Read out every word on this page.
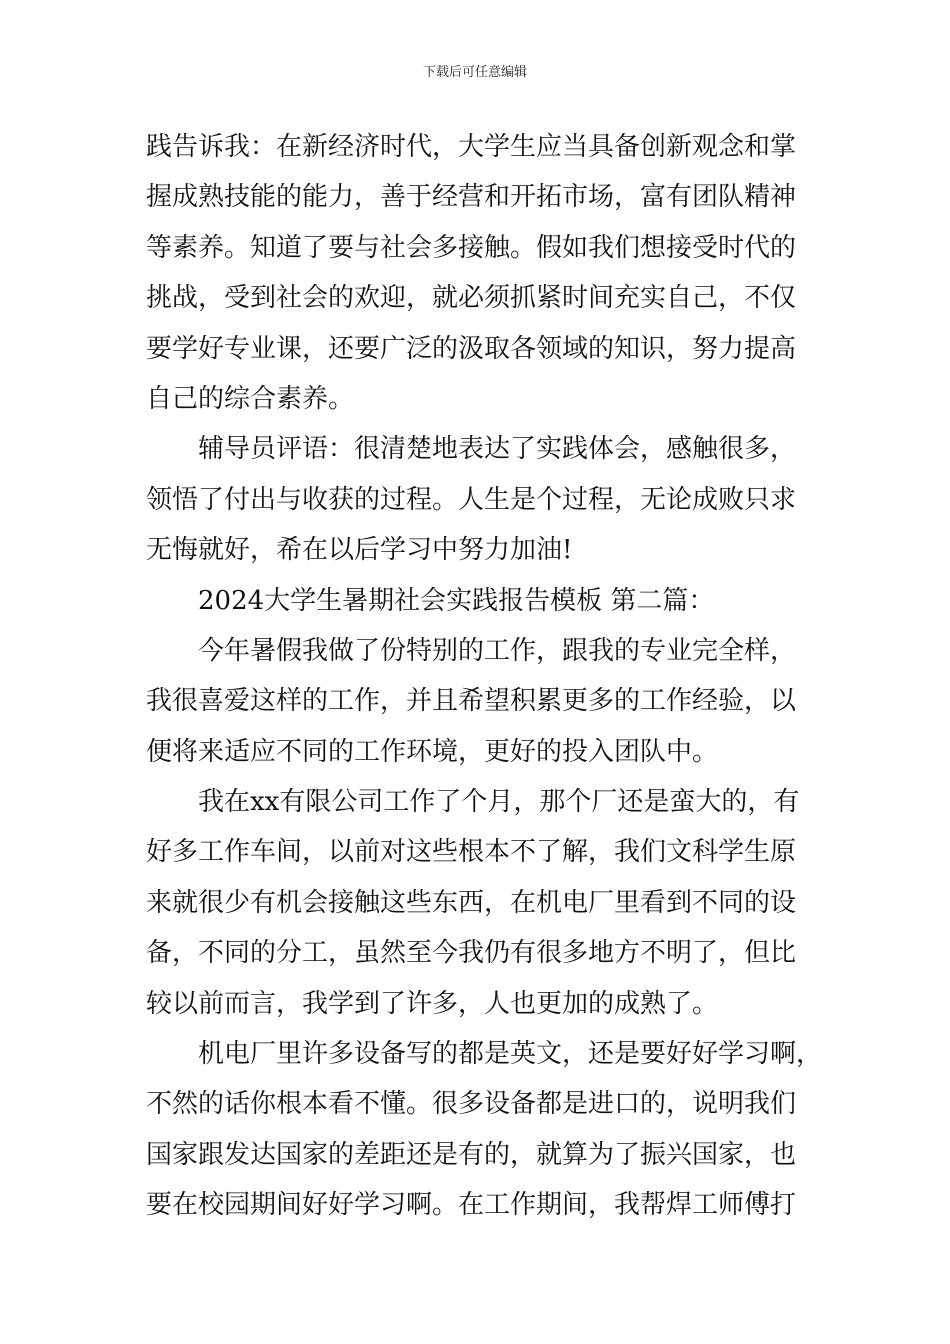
下载后可任意编辑
践告诉我：在新经济时代，大学生应当具备创新观念和掌
握成熟技能的能力，善于经营和开拓市场，富有团队精神
等素养。知道了要与社会多接触。假如我们想接受时代的
挑战，受到社会的欢迎，就必须抓紧时间充实自己，不仅
要学好专业课，还要广泛的汲取各领域的知识，努力提高
自己的综合素养。
辅导员评语：很清楚地表达了实践体会，感触很多，
领悟了付出与收获的过程。人生是个过程，无论成败只求
无悔就好，希在以后学习中努力加油!
2024大学生暑期社会实践报告模板 第二篇：
今年暑假我做了份特别的工作，跟我的专业完全样，
我很喜爱这样的工作，并且希望积累更多的工作经验，以
便将来适应不同的工作环境，更好的投入团队中。
我在xx有限公司工作了个月，那个厂还是蛮大的，有
好多工作车间，以前对这些根本不了解，我们文科学生原
来就很少有机会接触这些东西，在机电厂里看到不同的设
备，不同的分工，虽然至今我仍有很多地方不明了，但比
较以前而言，我学到了许多，人也更加的成熟了。
机电厂里许多设备写的都是英文，还是要好好学习啊，
不然的话你根本看不懂。很多设备都是进口的，说明我们
国家跟发达国家的差距还是有的，就算为了振兴国家，也
要在校园期间好好学习啊。在工作期间，我帮焊工师傅打
